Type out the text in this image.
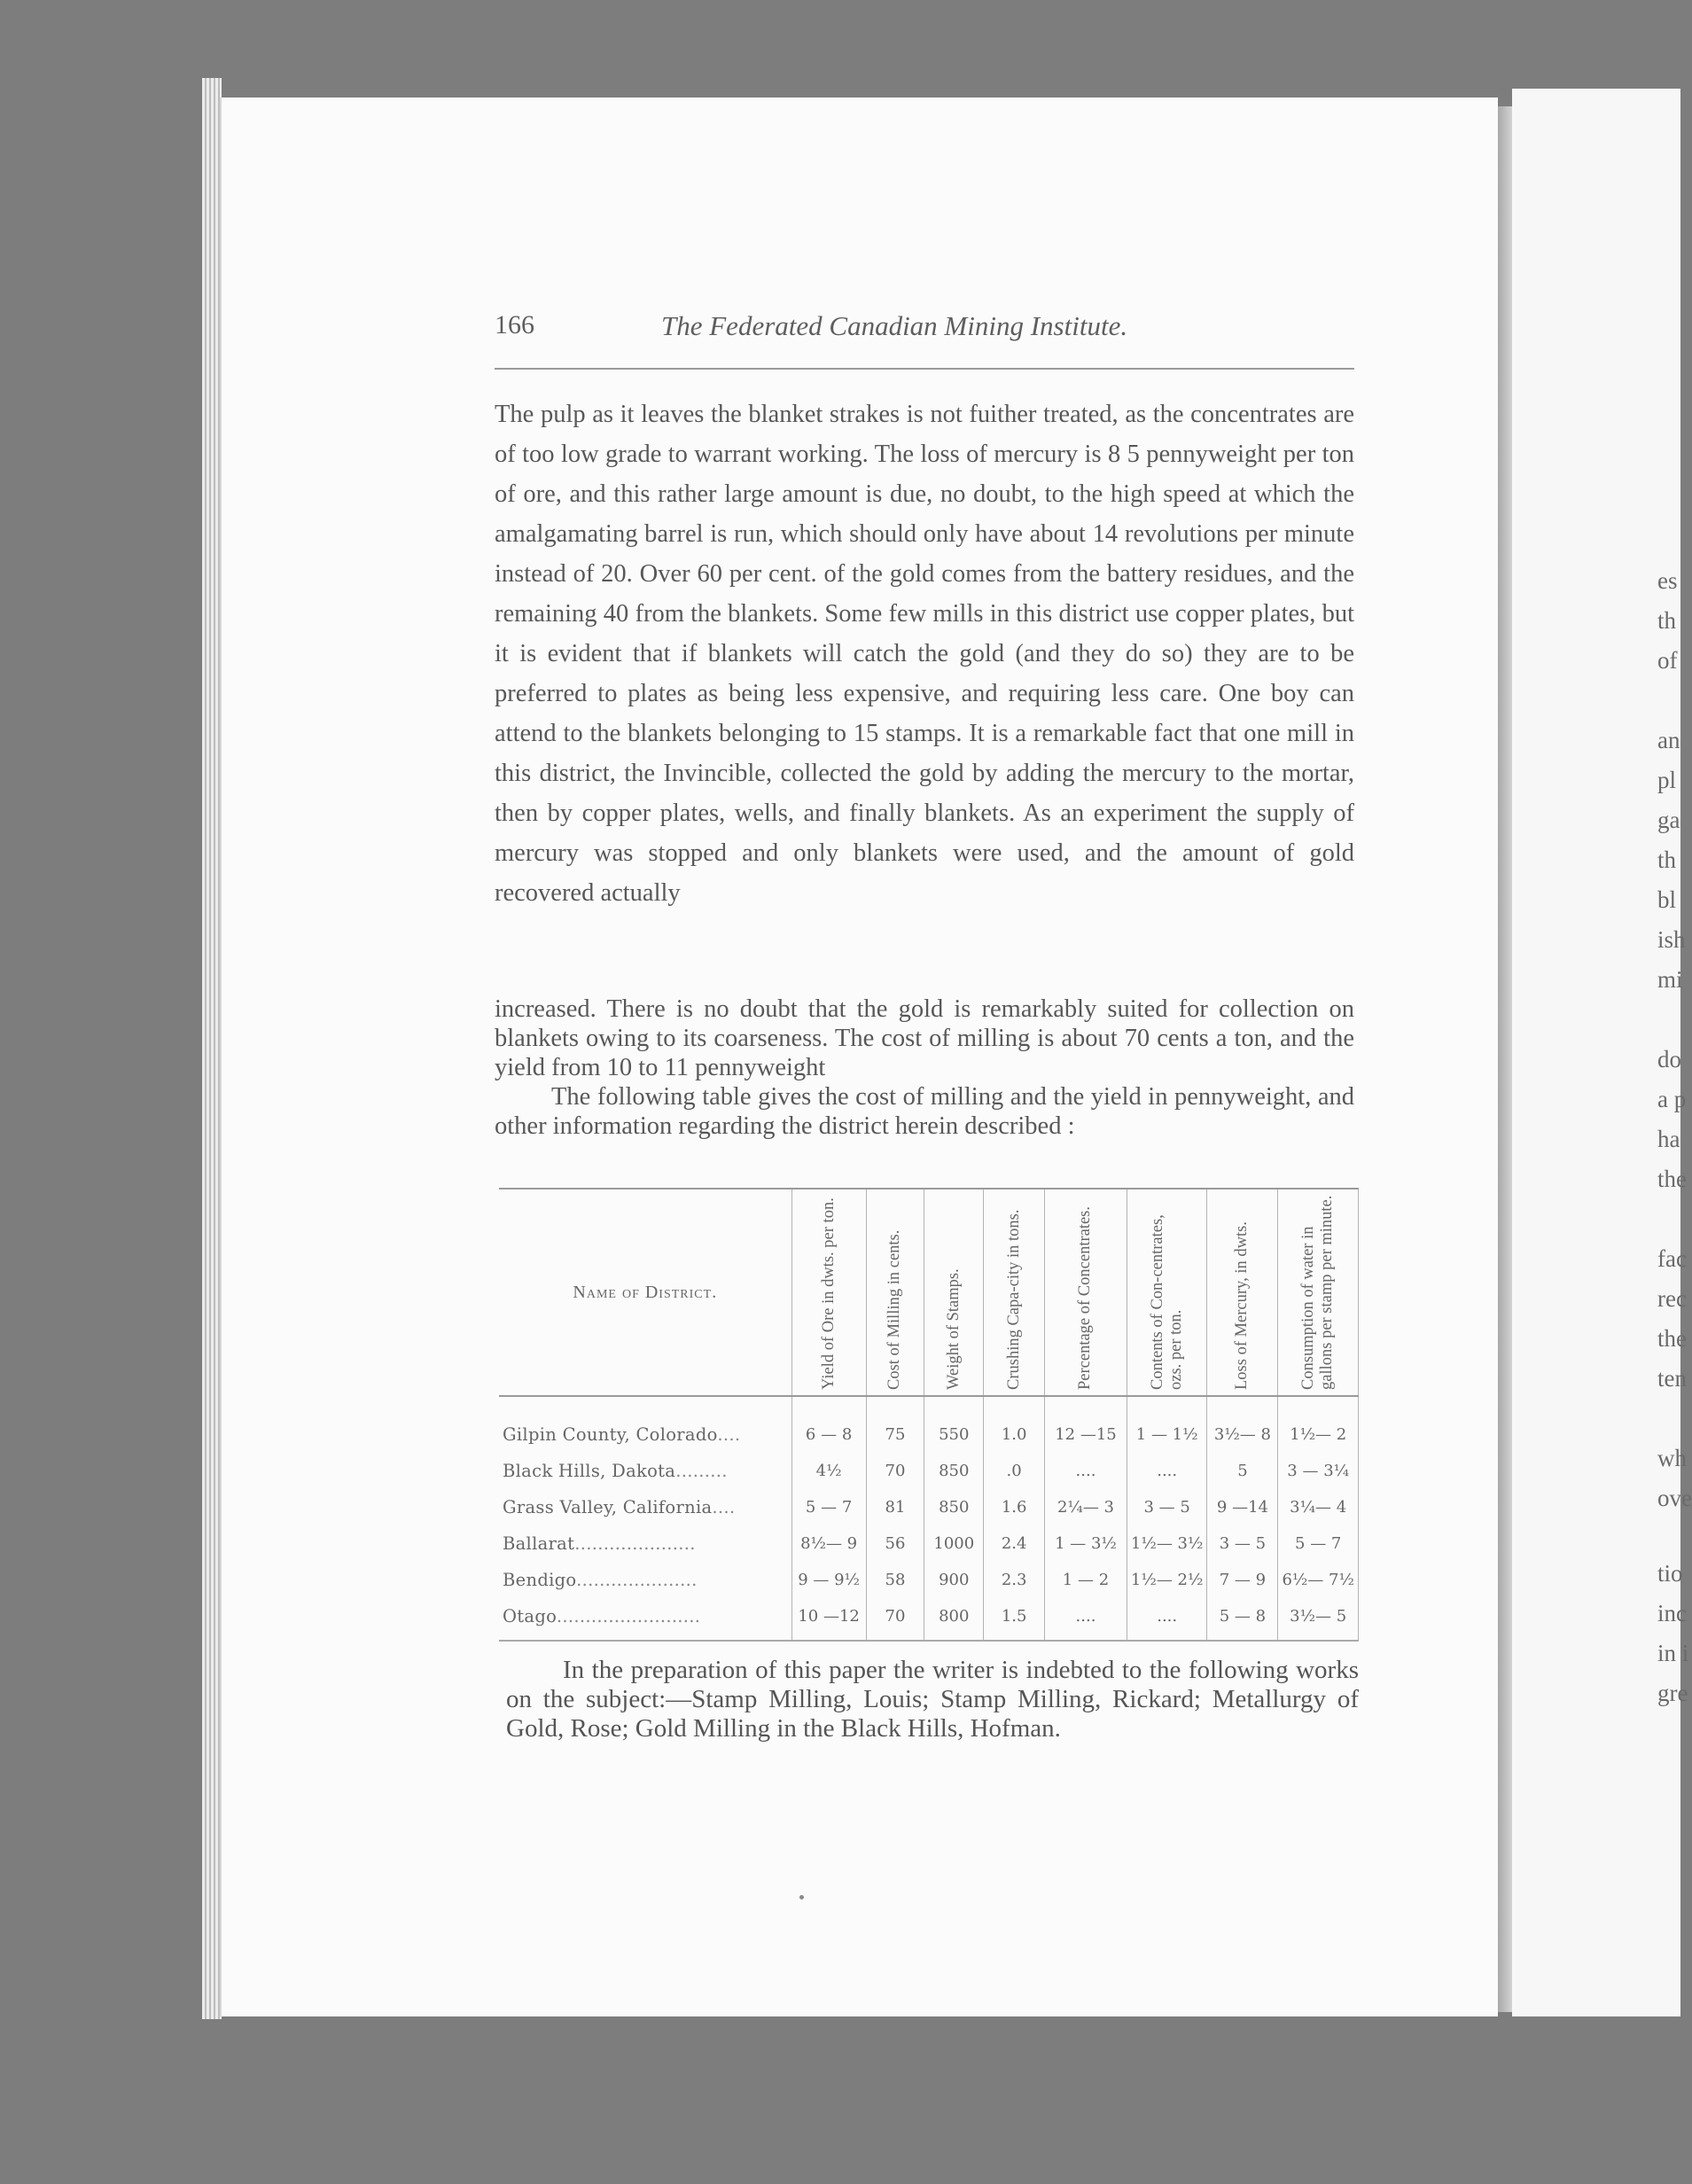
es
th
of
an
pl
ga
th
bl
ish
mi
do
a p
ha
the
fac
rec
the
ten
wh
ove
tio
inc
in i
gre
166	The Federated Canadian Mining Institute.

The pulp as it leaves the blanket strakes is not fuither treated, as the concentrates are of too low grade to warrant working. The loss of mercury is 8 5 pennyweight per ton of ore, and this rather large amount is due, no doubt, to the high speed at which the amalgamating barrel is run, which should only have about 14 revolutions per minute instead of 20. Over 60 per cent. of the gold comes from the battery residues, and the remaining 40 from the blankets. Some few mills in this district use copper plates, but it is evident that if blankets will catch the gold (and they do so) they are to be preferred to plates as being less expensive, and requiring less care. One boy can attend to the blankets belonging to 15 stamps. It is a remarkable fact that one mill in this district, the Invincible, collected the gold by adding the mercury to the mortar, then by copper plates, wells, and finally blankets. As an experiment the supply of mercury was stopped and only blankets were used, and the amount of gold recovered actually

increased. There is no doubt that the gold is remarkably suited for collection on blankets owing to its coarseness. The cost of milling is about 70 cents a ton, and the yield from 10 to 11 pennyweight

The following table gives the cost of milling and the yield in pennyweight, and other information regarding the district herein described :

Name of District.	Yield of Ore in dwts. per ton.	Cost of Milling in cents.	Weight of Stamps.	Crushing Capa-city in tons.	Percentage of Concentrates.	Contents of Con-centrates, ozs. per ton.	Loss of Mercury, in dwts.	Consumption of water in gallons per stamp per minute.

Gilpin County, Colorado....	6 — 8	75	550	1.0	12 —15	1 — 1½	3½— 8	1½— 2
Black Hills, Dakota.........	4½	70	850	.0	....	....	5	3 — 3¼
Grass Valley, California....	5 — 7	81	850	1.6	2¼— 3	3 — 5	9 —14	3¼— 4
Ballarat.....................	8½— 9	56	1000	2.4	1 — 3½	1½— 3½	3 — 5	5 — 7
Bendigo.....................	9 — 9½	58	900	2.3	1 — 2	1½— 2½	7 — 9	6½— 7½
Otago.........................	10 —12	70	800	1.5	....	....	5 — 8	3½— 5

In the preparation of this paper the writer is indebted to the following works on the subject:—Stamp Milling, Louis; Stamp Milling, Rickard; Metallurgy of Gold, Rose; Gold Milling in the Black Hills, Hofman.
